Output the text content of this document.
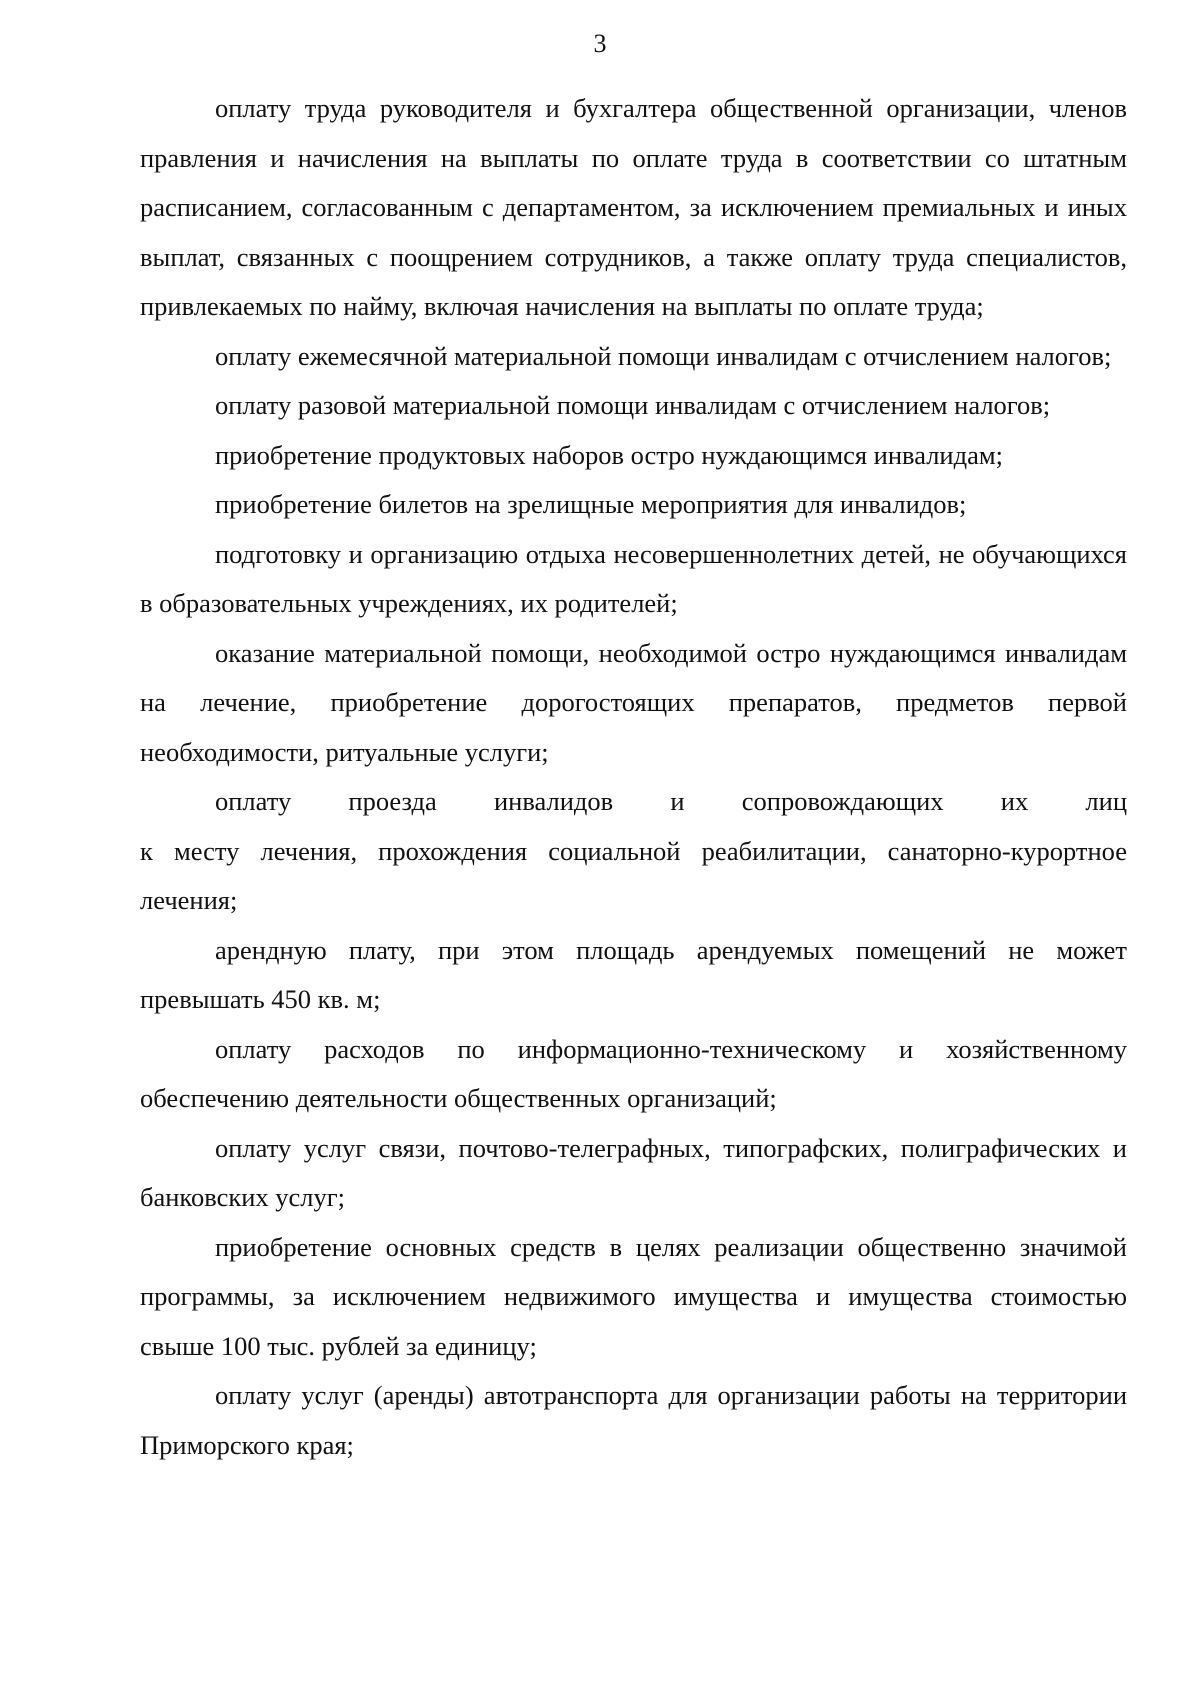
3

оплату труда руководителя и бухгалтера общественной организации, членов правления и начисления на выплаты по оплате труда в соответствии со штатным расписанием, согласованным с департаментом, за исключением премиальных и иных выплат, связанных с поощрением сотрудников, а также оплату труда специалистов, привлекаемых по найму, включая начисления на выплаты по оплате труда;

оплату ежемесячной материальной помощи инвалидам с отчислением налогов;

оплату разовой материальной помощи инвалидам с отчислением налогов;

приобретение продуктовых наборов остро нуждающимся инвалидам;

приобретение билетов на зрелищные мероприятия для инвалидов;

подготовку и организацию отдыха несовершеннолетних детей, не обучающихся в образовательных учреждениях, их родителей;

оказание материальной помощи, необходимой остро нуждающимся инвалидам на лечение, приобретение дорогостоящих препаратов, предметов первой необходимости, ритуальные услуги;

оплату проезда инвалидов и сопровождающих их лиц

к месту лечения, прохождения социальной реабилитации, санаторно-курортное лечения;

арендную плату, при этом площадь арендуемых помещений не может превышать 450 кв. м;

оплату расходов по информационно-техническому и хозяйственному обеспечению деятельности общественных организаций;

оплату услуг связи, почтово-телеграфных, типографских, полиграфических и банковских услуг;

приобретение основных средств в целях реализации общественно значимой программы, за исключением недвижимого имущества и имущества стоимостью свыше 100 тыс. рублей за единицу;

оплату услуг (аренды) автотранспорта для организации работы на территории Приморского края;
